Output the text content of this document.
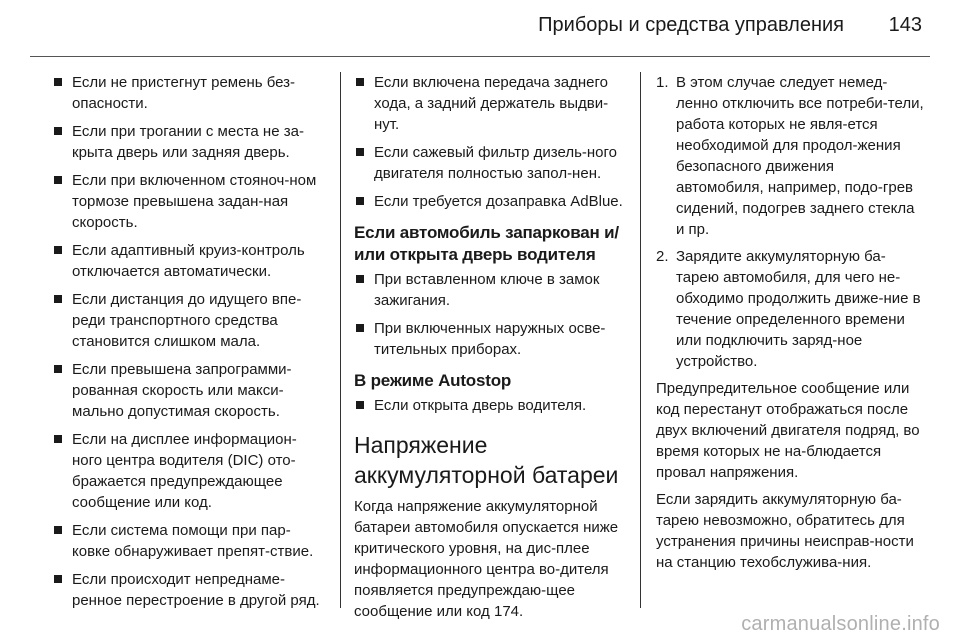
Приборы и средства управления 143
Если не пристегнут ремень без-опасности.
Если при трогании с места не за-крыта дверь или задняя дверь.
Если при включенном стояноч-ном тормозе превышена задан-ная скорость.
Если адаптивный круиз-контроль отключается автоматически.
Если дистанция до идущего впе-реди транспортного средства становится слишком мала.
Если превышена запрограмми-рованная скорость или макси-мально допустимая скорость.
Если на дисплее информацион-ного центра водителя (DIC) ото-бражается предупреждающее сообщение или код.
Если система помощи при пар-ковке обнаруживает препят-ствие.
Если происходит непреднаме-ренное перестроение в другой ряд.
Если включена передача заднего хода, а задний держатель выдви-нут.
Если сажевый фильтр дизель-ного двигателя полностью запол-нен.
Если требуется дозаправка AdBlue.
Если автомобиль запаркован и/или открыта дверь водителя
При вставленном ключе в замок зажигания.
При включенных наружных осве-тительных приборах.
В режиме Autostop
Если открыта дверь водителя.
Напряжение аккумуляторной батареи

Когда напряжение аккумуляторной батареи автомобиля опускается ниже критического уровня, на дис-плее информационного центра во-дителя появляется предупреждаю-щее сообщение или код 174.

1. В этом случае следует немед-ленно отключить все потреби-тели, работа которых не явля-ется необходимой для продол-жения безопасного движения автомобиля, например, подо-грев сидений, подогрев заднего стекла и пр.
2. Зарядите аккумуляторную ба-тарею автомобиля, для чего не-обходимо продолжить движе-ние в течение определенного времени или подключить заряд-ное устройство.

Предупредительное сообщение или код перестанут отображаться после двух включений двигателя подряд, во время которых не на-блюдается провал напряжения.

Если зарядить аккумуляторную ба-тарею невозможно, обратитесь для устранения причины неисправ-ности на станцию техобслужива-ния.

carmanualsonline.info
